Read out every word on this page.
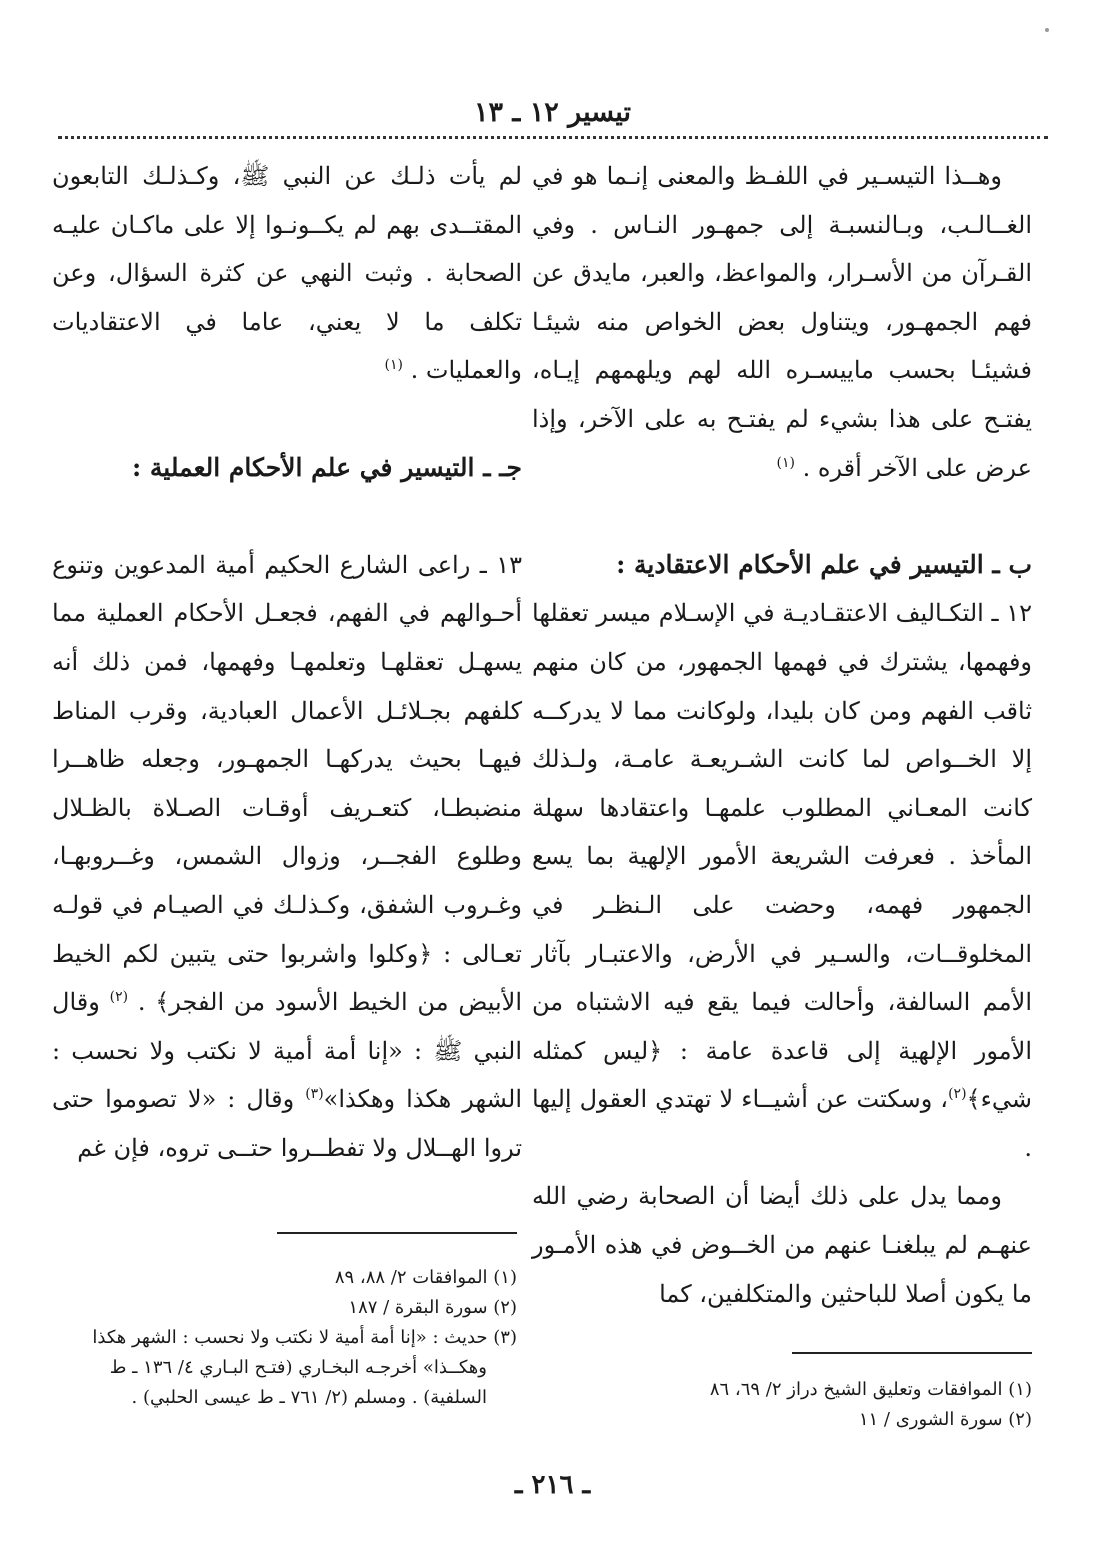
تيسير ١٢ ـ ١٣

وهــذا التيسـير في اللفـظ والمعنى إنـما هو في الغــالـب، وبـالنسبـة إلى جمهـور النـاس . وفي القـرآن من الأسـرار، والمواعظ، والعبر، مايدق عن فهم الجمهـور، ويتناول بعض الخواص منه شيئـا فشيئـا بحسب ماييسـره الله لهم ويلهمهم إيـاه، يفتـح على هذا بشيء لم يفتـح به على الآخر، وإذا عرض على الآخر أقره . $^{(١)}$

ب ـ التيسير في علم الأحكام الاعتقادية :

١٢ ـ التكـاليف الاعتقـاديـة في الإسـلام ميسر تعقلها وفهمها، يشترك في فهمها الجمهور، من كان منهم ثاقب الفهم ومن كان بليدا، ولوكانت مما لا يدركــه إلا الخــواص لما كانت الشـريعـة عامـة، ولـذلك كانت المعـاني المطلوب علمهـا واعتقادها سهلة المأخذ . فعرفت الشريعة الأمور الإلهية بما يسع الجمهور فهمه، وحضت على الـنظـر في المخلوقــات، والسـير في الأرض، والاعتبـار بآثار الأمم السالفة، وأحالت فيما يقع فيه الاشتباه من الأمور الإلهية إلى قاعدة عامة : ﴿ليس كمثله شيء﴾$^{(٢)}$، وسكتت عن أشيــاء لا تهتدي العقول إليها .

ومما يدل على ذلك أيضا أن الصحابة رضي الله عنهـم لم يبلغنـا عنهم من الخــوض في هذه الأمـور ما يكون أصلا للباحثين والمتكلفين، كما

لم يأت ذلـك عن النبي ﷺ، وكـذلـك التابعون المقتــدى بهم لم يكــونـوا إلا على ماكـان عليـه الصحابة . وثبت النهي عن كثرة السؤال، وعن تكلف ما لا يعني، عاما في الاعتقاديات والعمليات . $^{(١)}$

جـ ـ التيسير في علم الأحكام العملية :

١٣ ـ راعى الشارع الحكيم أمية المدعوين وتنوع أحـوالهم في الفهم، فجعـل الأحكام العملية مما يسهـل تعقلهـا وتعلمهـا وفهمها، فمن ذلك أنه كلفهم بجـلائـل الأعمال العبادية، وقرب المناط فيهـا بحيث يدركهـا الجمهـور، وجعله ظاهــرا منضبطـا، كتعـريف أوقـات الصـلاة بالظـلال وطلوع الفجــر، وزوال الشمس، وغــروبهـا، وغـروب الشفق، وكـذلـك في الصيـام في قولـه تعـالى : ﴿وكلوا واشربوا حتى يتبين لكم الخيط الأبيض من الخيط الأسود من الفجر﴾ . $^{(٢)}$ وقال النبي ﷺ : «إنا أمة أمية لا نكتب ولا نحسب : الشهر هكذا وهكذا»$^{(٣)}$ وقال : «لا تصوموا حتى تروا الهــلال ولا تفطــروا حتــى تروه، فإن غم

(١) الموافقات ٢/ ٨٨، ٨٩

(٢) سورة البقرة / ١٨٧

(٣) حديث : «إنا أمة أمية لا نكتب ولا نحسب : الشهر هكذا

وهكــذا» أخرجـه البخـاري (فتـح البـاري ٤/ ١٣٦ ـ ط

السلفية) . ومسلم (٢/ ٧٦١ ـ ط عيسى الحلبي) .	(١) الموافقات وتعليق الشيخ دراز ٢/ ٦٩، ٨٦

(٢) سورة الشورى / ١١

ـ ٢١٦ ـ
